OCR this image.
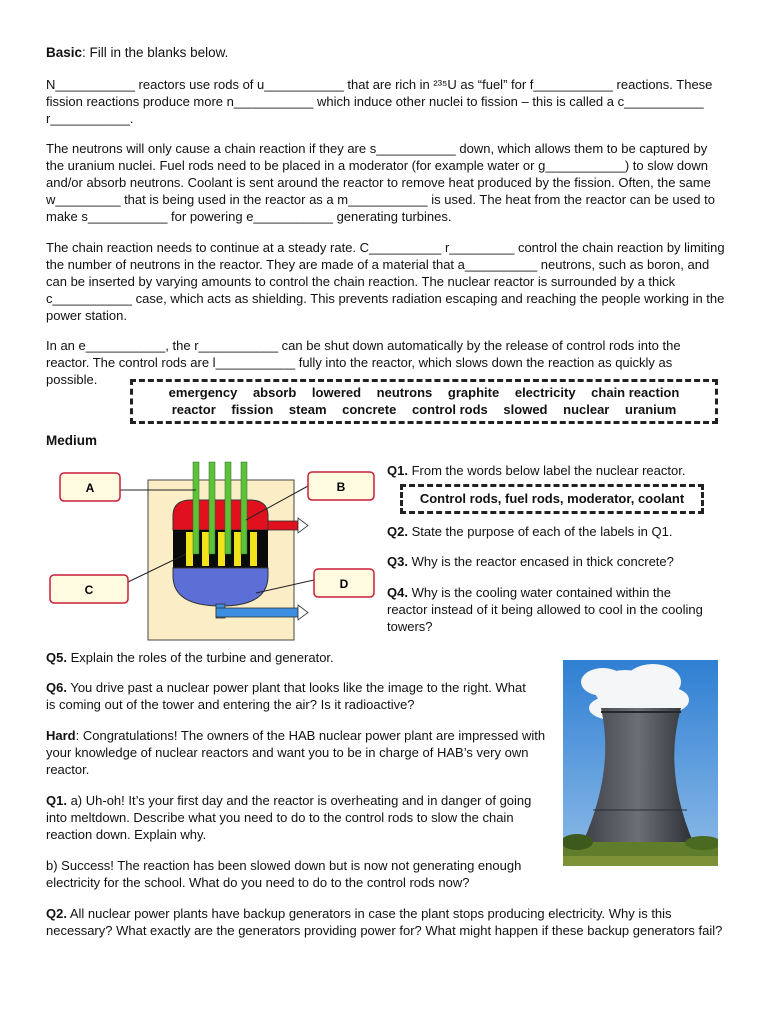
Basic: Fill in the blanks below.

N___________ reactors use rods of u___________ that are rich in ²³⁵U as “fuel” for f___________ reactions. These fission reactions produce more n___________ which induce other nuclei to fission – this is called a c___________ r___________.

The neutrons will only cause a chain reaction if they are s___________ down, which allows them to be captured by the uranium nuclei. Fuel rods need to be placed in a moderator (for example water or g___________) to slow down and/or absorb neutrons. Coolant is sent around the reactor to remove heat produced by the fission. Often, the same w_________ that is being used in the reactor as a m___________ is used. The heat from the reactor can be used to make s___________ for powering e___________ generating turbines.

The chain reaction needs to continue at a steady rate. C__________ r_________ control the chain reaction by limiting the number of neutrons in the reactor. They are made of a material that a__________ neutrons, such as boron, and can be inserted by varying amounts to control the chain reaction. The nuclear reactor is surrounded by a thick c___________ case, which acts as shielding. This prevents radiation escaping and reaching the people working in the power station.

In an e___________, the r___________ can be shut down automatically by the release of control rods into the reactor. The control rods are l___________ fully into the reactor, which slows down the reaction as quickly as possible.

emergency absorb lowered neutrons graphite electricity chain reaction
reactor fission steam concrete control rods slowed nuclear uranium

Medium

A	B
C	D

Q1. From the words below label the nuclear reactor.

Control rods, fuel rods, moderator, coolant

Q2. State the purpose of each of the labels in Q1.

Q3. Why is the reactor encased in thick concrete?

Q4. Why is the cooling water contained within the reactor instead of it being allowed to cool in the cooling towers?

Q5. Explain the roles of the turbine and generator.

Q6. You drive past a nuclear power plant that looks like the image to the right. What is coming out of the tower and entering the air? Is it radioactive?

Hard: Congratulations! The owners of the HAB nuclear power plant are impressed with your knowledge of nuclear reactors and want you to be in charge of HAB’s very own reactor.

Q1. a) Uh-oh! It’s your first day and the reactor is overheating and in danger of going into meltdown. Describe what you need to do to the control rods to slow the chain reaction down. Explain why.

b) Success! The reaction has been slowed down but is now not generating enough electricity for the school. What do you need to do to the control rods now?

Q2. All nuclear power plants have backup generators in case the plant stops producing electricity. Why is this necessary? What exactly are the generators providing power for? What might happen if these backup generators fail?
